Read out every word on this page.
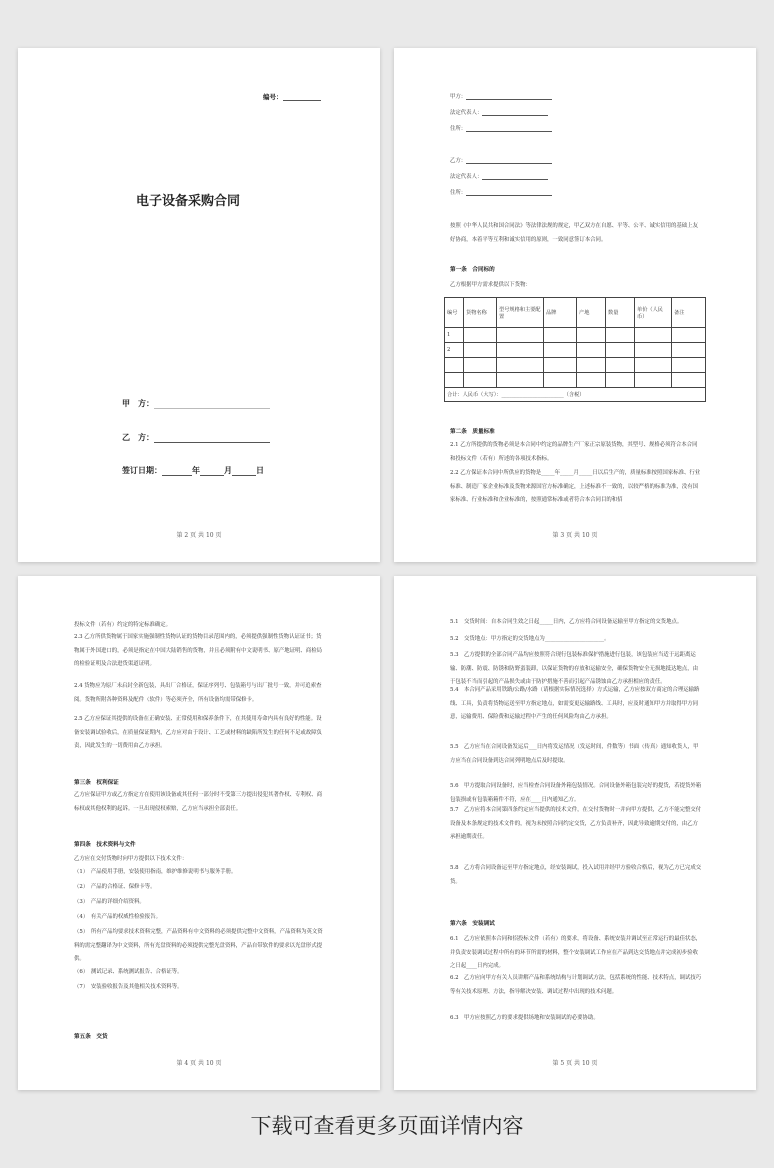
编号：
电子设备采购合同
甲　方：
乙　方：
签订日期：	年	月	日
第 2 页 共 10 页
甲方：
法定代表人：
住所：
乙方：
法定代表人：
住所：
按照《中华人民共和国合同法》等法律法规的规定，甲乙双方在自愿、平等、公平、诚实信用的基础上友好协商，本着平等互利和诚实信用的原则，一致同意签订本合同。
第一条　合同标的
乙方根据甲方需求提供以下货物：
编号	货物名称	型号规格和主要配置	品牌	产地	数量	单价（人民币）	备注
1							
2							

合计：人民币（大写）：________________________（含税）							
第二条　质量标准
2.1 乙方所提供的货物必须是本合同中约定的品牌生产厂家正宗原装货物，其型号、规格必须符合本合同和投标文件（若有）所述的各项技术指标。
2.2 乙方保证本合同中所供应的货物是_____年_____月_____日以后生产的，质量标准按照国家标准、行业标准、制造厂家企业标准及货物来源国官方标准确定，上述标准不一致的，以较严格的标准为准，没有国家标准、行业标准和企业标准的，按照通常标准或者符合本合同目的和招
第 3 页 共 10 页
投标文件（若有）约定的特定标准确定。
2.3 乙方所供货物属于国家实施强制性货物认证的货物目录范围内的，必须提供强制性货物认证证书；货物属于外国进口的，必须是指定在中国大陆销售的货物，并且必须附有中文说明书、原产地证明、商检局的检验证明及合法进货渠道证明。
2.4 货物应为原厂未启封全新包装，具出厂合格证，保证序列号、包装箱号与出厂批号一致，并可追索查阅。货物所附各种资料及配件（软件）等必须齐全，所有设备均需带保修卡。
2.5 乙方应保证其提供的设备在正确安装、正常使用和保养条件下，在其使用寿命内具有良好的性能。设备安装调试验收后，在质量保证期内，乙方应对由于设计、工艺或材料的缺陷所发生的任何不足或故障负责，因此发生的一切费用由乙方承担。
第三条　权利保证
乙方应保证甲方或乙方指定方在使用该设备或其任何一部分时不受第三方提出侵犯其著作权、专利权、商标权或其他权利的起诉。一旦出现侵权索赔，乙方应当承担全部责任。
第四条　技术资料与文件
乙方应在交付货物时向甲方提供以下技术文件：
（1）　产品使用手册，安装使用指南，维护维修说明书与服务手册。
（2）　产品的合格证、保修卡等。
（3）　产品的详细介绍资料。
（4）　有关产品的权威性检验报告。
（5）　所有产品均要求技术资料完整，产品资料有中文资料的必须提供完整中文资料，产品资料为英文资料的需完整翻译为中文资料，所有光盘资料的必须提供完整光盘资料，产品自带软件的要求以光盘形式提供。
（6）　测试记录、系统测试报告、合格证等。
（7）　安装验收报告及其他相关技术资料等。
第五条　交货
第 4 页 共 10 页
5.1　交货时间：自本合同生效之日起_____日内，乙方应将合同设备运输至甲方指定的交货地点。
5.2　交货地点：甲方指定的交货地点为______________________。
5.3　乙方提供的全部合同产品均应按照符合现行包装标准保护措施进行包装，该包装应当适于远距离运输、防潮、防震、防锈和防野蛮装卸，以保证货物的存放和运输安全，确保货物安全无损地抵达地点，由于包装不当而引起的产品损失或由于防护措施不善而引起产品锈蚀由乙方承担相应的责任。
5.4　本合同产品采用铁路/公路/水路（请根据实际情况选择）方式运输，乙方应按双方商定的合理运输路线、工具，负责将货物运送至甲方指定地点，如需变更运输路线、工具时，应及时通知甲方并取得甲方同意，运输费用、保险费和运输过程中产生的任何风险均由乙方承担。
5.5　乙方应当在合同设备发运后___日内将发运情况（发运时间，件数等）书面（传真）通知收货人，甲方应当在合同设备到达合同列明地点后及时提取。
5.6　甲方提取合同设备时，应当检查合同设备外箱包装情况。合同设备外箱包装完好的提货，若提货外箱包装损或有包装箱箱件不符，应在____日内通知乙方。
5.7　乙方应将本合同第四条约定应当提供的技术文件，在交付货物时一并向甲方提供，乙方不能完整交付设备及本条规定的技术文件的，视为未按照合同约定交货，乙方负责补齐，因此导致逾期交付的，由乙方承担逾期责任。
5.8　乙方将合同设备运至甲方指定地点，经安装调试，投入试用并经甲方验收合格后，视为乙方已完成交货。
第六条　安装调试
6.1　乙方应依照本合同和招投标文件（若有）的要求，将设备、系统安装并调试至正常运行的最佳状态，并负责安装调试过程中所有的环节所需的材料，整个安装调试工作应在产品到达交货地点并完成初步验收之日起____日内完成。
6.2　乙方应向甲方有关人员讲解产品和系统结构与计划调试方法，包括系统的性能、技术特点，调试技巧等有关技术原理、方法，指导解决安装、调试过程中出现的技术问题。
6.3　甲方应按照乙方的要求提供场地和安装调试的必要协助。
第 5 页 共 10 页
下载可查看更多页面详情内容
